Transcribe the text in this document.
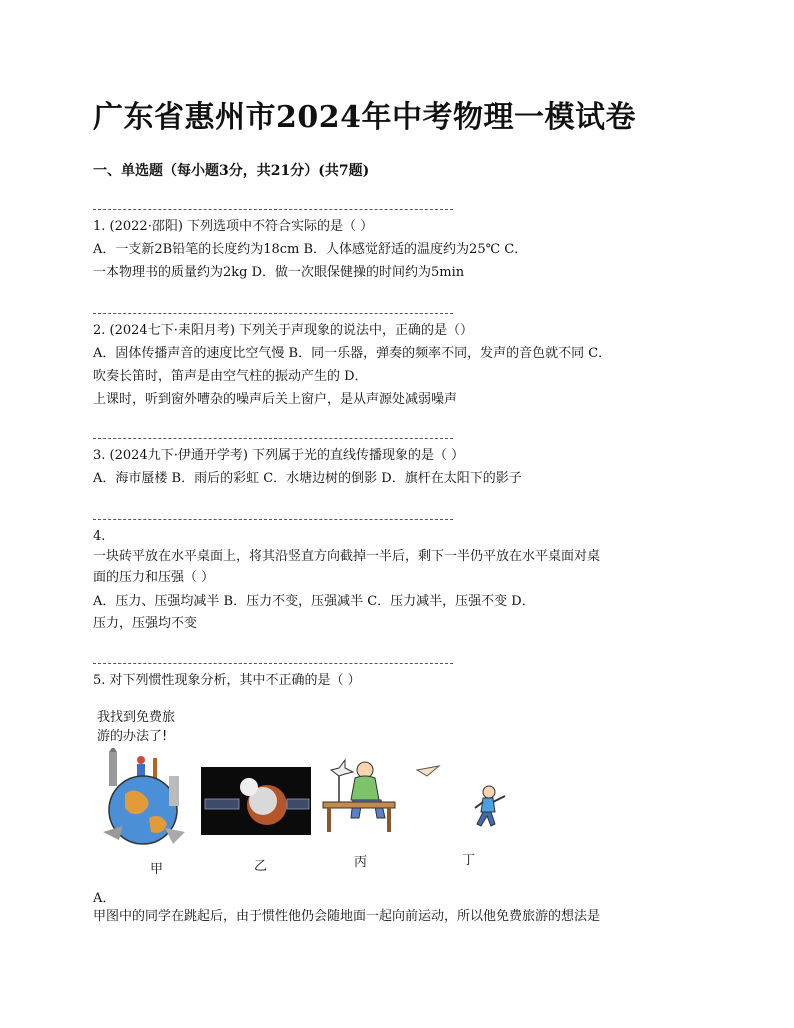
广东省惠州市2024年中考物理一模试卷
一、单选题（每小题3分，共21分）(共7题)
1. (2022·邵阳) 下列选项中不符合实际的是（ ）
A．一支新2B铅笔的长度约为18cm B．人体感觉舒适的温度约为25℃ C．
一本物理书的质量约为2kg D．做一次眼保健操的时间约为5min
2. (2024七下·耒阳月考) 下列关于声现象的说法中，正确的是（）
A．固体传播声音的速度比空气慢 B．同一乐器，弹奏的频率不同，发声的音色就不同 C．
吹奏长笛时，笛声是由空气柱的振动产生的 D．
上课时，听到窗外嘈杂的噪声后关上窗户，是从声源处减弱噪声
3. (2024九下·伊通开学考) 下列属于光的直线传播现象的是（ ）
A．海市蜃楼 B．雨后的彩虹 C．水塘边树的倒影 D．旗杆在太阳下的影子
4.
一块砖平放在水平桌面上，将其沿竖直方向截掉一半后，剩下一半仍平放在水平桌面对桌
面的压力和压强（ ）
A．压力、压强均减半 B．压力不变，压强减半 C．压力减半，压强不变 D．
压力，压强均不变
5. 对下列惯性现象分析，其中不正确的是（ ）
我找到免费旅
游的办法了!
甲	乙	丙	丁
A．
甲图中的同学在跳起后，由于惯性他仍会随地面一起向前运动，所以他免费旅游的想法是
